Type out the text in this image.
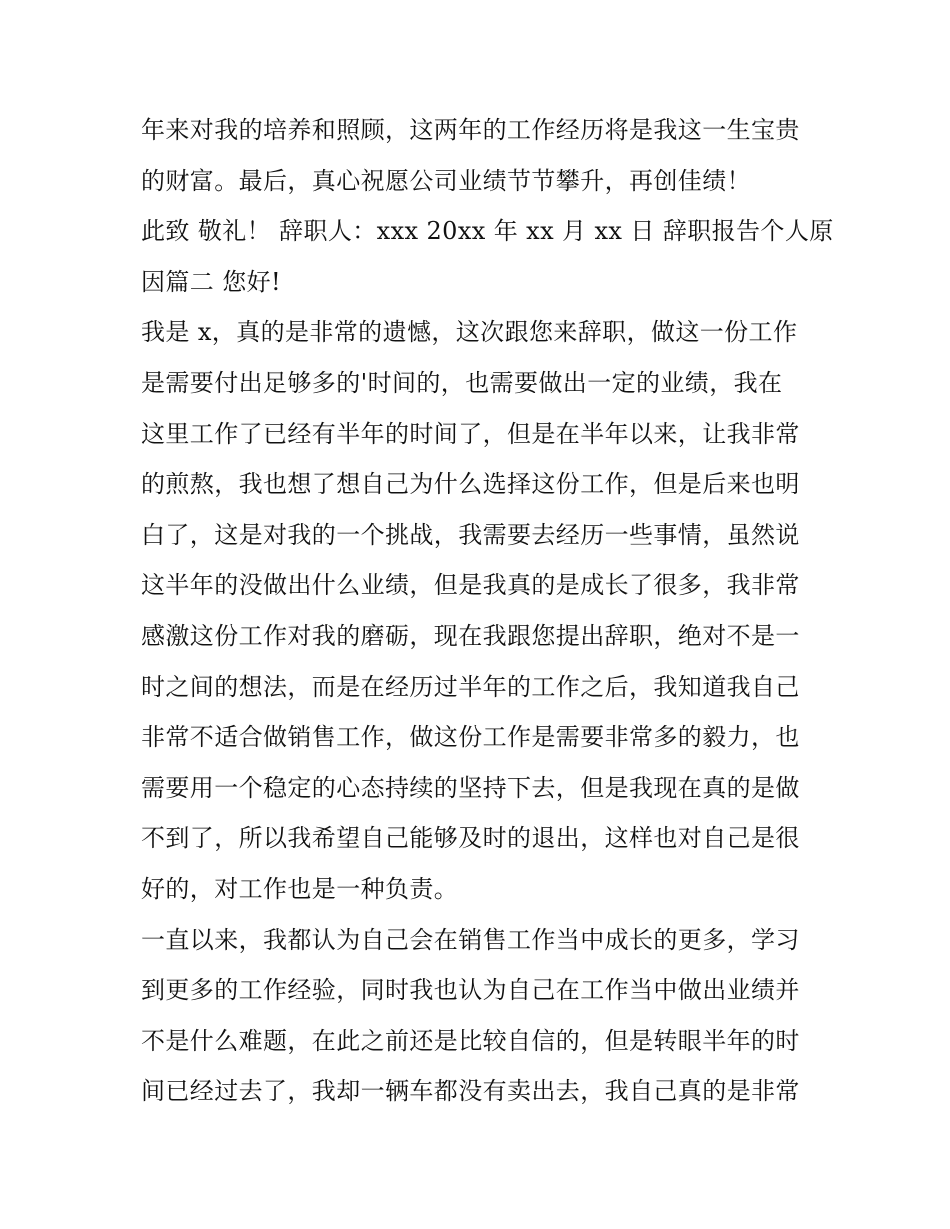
年来对我的培养和照顾，这两年的工作经历将是我这一生宝贵
的财富。最后，真心祝愿公司业绩节节攀升，再创佳绩！
此致 敬礼！ 辞职人：xxx 20xx 年 xx 月 xx 日 辞职报告个人原
因篇二 您好!
我是 x，真的是非常的遗憾，这次跟您来辞职，做这一份工作
是需要付出足够多的'时间的，也需要做出一定的业绩，我在
这里工作了已经有半年的时间了，但是在半年以来，让我非常
的煎熬，我也想了想自己为什么选择这份工作，但是后来也明
白了，这是对我的一个挑战，我需要去经历一些事情，虽然说
这半年的没做出什么业绩，但是我真的是成长了很多，我非常
感激这份工作对我的磨砺，现在我跟您提出辞职，绝对不是一
时之间的想法，而是在经历过半年的工作之后，我知道我自己
非常不适合做销售工作，做这份工作是需要非常多的毅力，也
需要用一个稳定的心态持续的坚持下去，但是我现在真的是做
不到了，所以我希望自己能够及时的退出，这样也对自己是很
好的，对工作也是一种负责。
一直以来，我都认为自己会在销售工作当中成长的更多，学习
到更多的工作经验，同时我也认为自己在工作当中做出业绩并
不是什么难题，在此之前还是比较自信的，但是转眼半年的时
间已经过去了，我却一辆车都没有卖出去，我自己真的是非常
